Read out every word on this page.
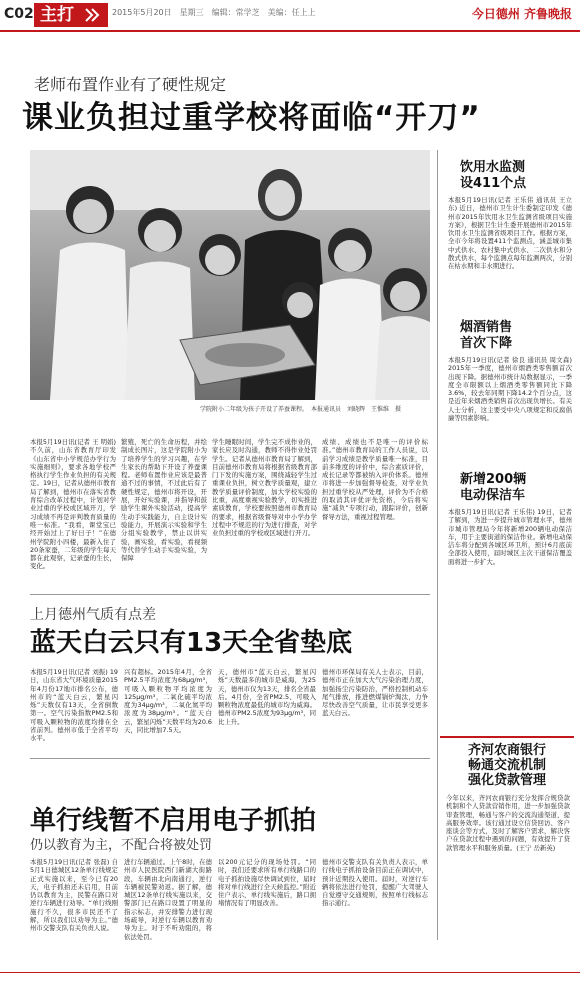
C02 主打	2015年5月20日　星期三　编辑：常学芝　美编：任上上	今日德州 齐鲁晚报
老师布置作业有了硬性规定
课业负担过重学校将面临“开刀”
学院附小二年级为孩子开设了养蚕课程。　本报通讯员　刘晓辉　王惟维　摄
本报5月19日讯(记者 王 明娟) 不久前，山东省教育厅印发《山东省中小学规范办学行为实施细则》，要求各地学校严格执行学生作业负担的有关规定。19日，记者从德州市教育局了解到，德州市在落实省教育综合改革过程中，计划对学业过重的学校或区域开刀，学习成绩不再是评判教育质量的唯一标准。“我看，课堂宝已经开始过上了好日子！”在德州学院附小四楼，最新入住了20条家蚕，二年级的学生每天都在此观察，记录蚕的生长，变化。
繁殖，死亡的生命历程，并绘制成长图片，这是学院附小为了培养学生的学习兴趣，在学生家长的帮助下开设了养蚕课程。老师布置作业应该是最普通不过的事情，不过此后有了硬性规定，德州市将开设，开展，开好实验课，并指导和鼓励学生课外实验活动，提高学生动手实践能力，自主设计实验能力，开展演示实验和学生分组实验教学，禁止以讲实验，画实验，看实验，看视频等代替学生动手实验实验，为保障
学生睡眠时间，学生完不成作业的，家长应及时沟通，教师不得作业处罚学生。记者从德州市教育局了解到，目前德州市教育局将根据省级教育部门下发的实施方案，围绕减轻学生过重课业负担，树立教学质量观，建立教学质量评价制度，加大学校实验的比重，高度重视实验教学，切实推进素质教育，学校要按照德州市教育局的要求，根据省级督导对中小学办学过程中不规范的行为进行排查，对学业负担过重的学校或区域进行开刀。
成绩、成绩也不是唯一的评价标准。”德州市教育局的工作人员说，以前学习成绩是教学质量唯一标准，目前多维度的评价中，综合素质评价，成长记录等都被纳入评价体系。德州市将进一步加强督导检查，对学业负担过重学校从严处理，评价为不合格的取消其评优评先资格，今后将实施“减负”专项行动，跟踪评价，创新督导方法，重视过程管理。
饮用水监测
设411个点
本报5月19日讯(记者 王乐伟 通讯员 王立东) 近日，德州市卫生计生委制定印发《德州市2015年饮用水卫生监测省级项目实施方案》，根据卫生计生委开展德州市2015年饮用水卫生监测省级项目工作。根据方案，全市今年将设置411个监测点，涵盖城市集中式供水、农村集中式供水、二次供水和分散式供水，每个监测点每年监测两次，分别在枯水期和丰水期进行。
烟酒销售
首次下降
本报5月19日讯(记者 徐良 通讯员 周文森) 2015年一季度，德州市烟酒类零售额首次出现下降。据德州市统计局数据显示，一季度全市限额以上烟酒类零售额同比下降3.6%，较去年同期下降14.2个百分点，这是近年来烟酒类销售首次出现负增长。有关人士分析，这主要受中央八项规定和反腐倡廉等因素影响。
新增200辆
电动保洁车
本报5月19日讯(记者 王乐伟) 19日，记者了解到，为进一步提升城市管理水平，德州市城市管理局今年将新增200辆电动保洁车，用于主要街道的保洁作业。新增电动保洁车将分配到各城区环卫所，预计6月底前全部投入使用，届时城区主次干道保洁覆盖面将进一步扩大。
齐河农商银行
畅通交流机制
强化贷款管理
今年以来，齐河农商银行充分发挥合规贷款机制和个人贷款营销作用，进一步加强贷款审查管理，畅通与客户的交流沟通渠道，提高服务效率。该行通过设立信贷回访、客户座谈会等方式，及时了解客户需求，解决客户在贷款过程中遇到的问题，有效提升了贷款管理水平和服务质量。(王宁 岳新英)
上月德州气质有点差
蓝天白云只有13天全省垫底
本报5月19日讯(记者 刘振) 19日，山东省大气环境质量2015年4月份17地市排名公布，德州市的“蓝天白云，繁星闪烁”天数仅有13天，全省倒数第一。空气污染指数PM2.5和可吸入颗粒物的浓度均排在全省前列。德州市低于全省平均水平。
兴有超标。2015年4月，全省PM2.5平均浓度为68μg/m³，可吸入颗粒物平均浓度为125μg/m³，二氧化硫平均浓度为34μg/m³，二氧化氮平均浓度为38μg/m³。“蓝天白云，繁星闪烁”天数平均为20.6天，同比增加7.5天。
天，德州市“蓝天白云，繁星闪烁”天数最多的城市是威海，为25天，德州市仅为13天，排名全省最后。4月份，全省PM2.5、可吸入颗粒物浓度最低的城市均为威海。德州市PM2.5浓度为93μg/m³，同比上升。
德州市环保局有关人士表示，目前，德州市正在加大大气污染治理力度，加强扬尘污染防治，严格控制机动车尾气排放，推进燃煤锅炉淘汰，力争尽快改善空气质量，让市民享受更多蓝天白云。
单行线暂不启用电子抓拍
仍以教育为主，不配合将被处罚
本报5月19日讯(记者 张磊) 自5月1日德城区12条单行线规定正式实施以来，至今已有20天，电子抓拍还未启用，目前仍以教育为主，民警在路口对逆行车辆进行劝导。“单行线刚施行不久，很多市民还不了解，所以我们以劝导为主。”德州市交警支队有关负责人说。
进行车辆通过。上午8时，在德州市人民医院西门新湖大街路段，车辆由北向南通行，逆行车辆被民警劝返。据了解，德城区12条单行线实施以来，交警部门已在路口设置了明显的指示标志，并安排警力进行现场疏导，对逆行车辆以教育劝导为主。对于不听劝阻的，将依法处罚。
以200元记分的现场处罚。“同时，我们还要求所有单行线路口的电子抓拍设施尽快调试到位，届时将对单行线进行全天候监控。”附近住户表示，单行线实施后，路口拥堵情况有了明显改善。
德州市交警支队有关负责人表示，单行线电子抓拍设备目前正在调试中，预计近期投入使用。届时，对逆行车辆将依法进行处罚，提醒广大驾驶人自觉遵守交通规则，按照单行线标志指示通行。
